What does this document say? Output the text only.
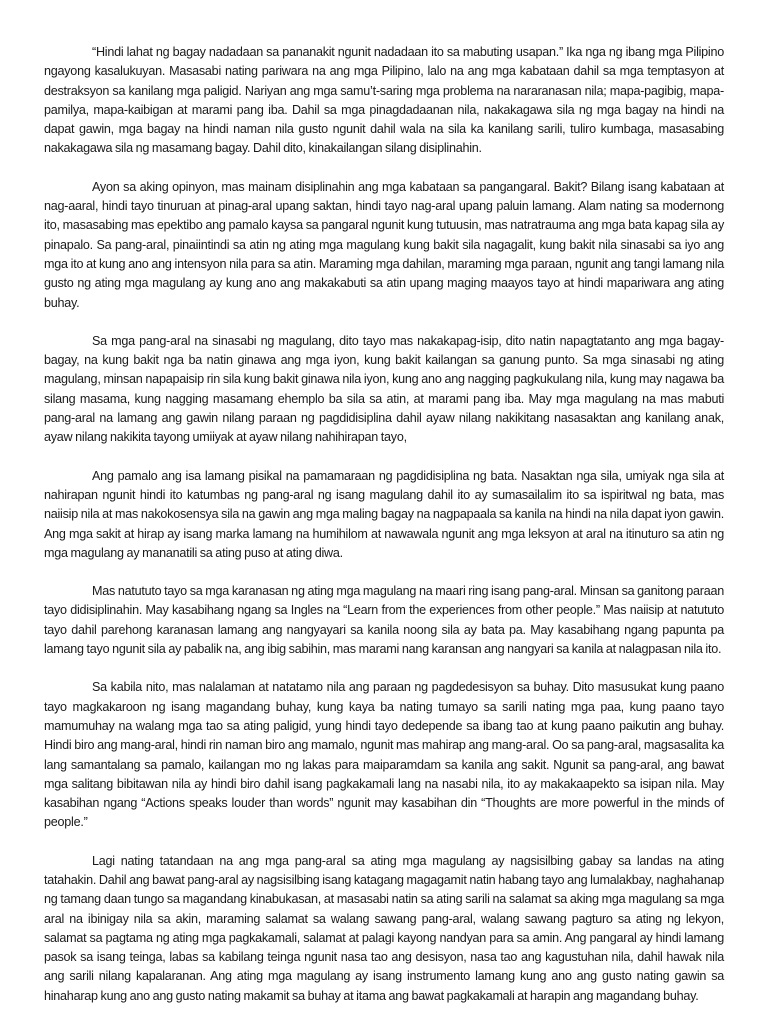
“Hindi lahat ng bagay nadadaan sa pananakit ngunit nadadaan ito sa mabuting usapan.” Ika nga ng ibang mga Pilipino ngayong kasalukuyan. Masasabi nating pariwara na ang mga Pilipino, lalo na ang mga kabataan dahil sa mga temptasyon at destraksyon sa kanilang mga paligid. Nariyan ang mga samu’t-saring mga problema na nararanasan nila; mapa-pagibig, mapa- pamilya, mapa-kaibigan at marami pang iba. Dahil sa mga pinagdadaanan nila, nakakagawa sila ng mga bagay na hindi na dapat gawin, mga bagay na hindi naman nila gusto ngunit dahil wala na sila ka kanilang sarili, tuliro kumbaga, masasabing nakakagawa sila ng masamang bagay. Dahil dito, kinakailangan silang disiplinahin.

Ayon sa aking opinyon, mas mainam disiplinahin ang mga kabataan sa pangangaral. Bakit? Bilang isang kabataan at nag-aaral, hindi tayo tinuruan at pinag-aral upang saktan, hindi tayo nag-aral upang paluin lamang. Alam nating sa modernong ito, masasabing mas epektibo ang pamalo kaysa sa pangaral ngunit kung tutuusin, mas natratrauma ang mga bata kapag sila ay pinapalo. Sa pang-aral, pinaiintindi sa atin ng ating mga magulang kung bakit sila nagagalit, kung bakit nila sinasabi sa iyo ang mga ito at kung ano ang intensyon nila para sa atin. Maraming mga dahilan, maraming mga paraan, ngunit ang tangi lamang nila gusto ng ating mga magulang ay kung ano ang makakabuti sa atin upang maging maayos tayo at hindi mapariwara ang ating buhay.

Sa mga pang-aral na sinasabi ng magulang, dito tayo mas nakakapag-isip, dito natin napagtatanto ang mga bagay-bagay, na kung bakit nga ba natin ginawa ang mga iyon, kung bakit kailangan sa ganung punto. Sa mga sinasabi ng ating magulang, minsan napapaisip rin sila kung bakit ginawa nila iyon, kung ano ang nagging pagkukulang nila, kung may nagawa ba silang masama, kung nagging masamang ehemplo ba sila sa atin, at marami pang iba. May mga magulang na mas mabuti pang-aral na lamang ang gawin nilang paraan ng pagdidisiplina dahil ayaw nilang nakikitang nasasaktan ang kanilang anak, ayaw nilang nakikita tayong umiiyak at ayaw nilang nahihirapan tayo,

Ang pamalo ang isa lamang pisikal na pamamaraan ng pagdidisiplina ng bata. Nasaktan nga sila, umiyak nga sila at nahirapan ngunit hindi ito katumbas ng pang-aral ng isang magulang dahil ito ay sumasailalim ito sa ispiritwal ng bata, mas naiisip nila at mas nakokosensya sila na gawin ang mga maling bagay na nagpapaala sa kanila na hindi na nila dapat iyon gawin. Ang mga sakit at hirap ay isang marka lamang na humihilom at nawawala ngunit ang mga leksyon at aral na itinuturo sa atin ng mga magulang ay mananatili sa ating puso at ating diwa.

Mas natututo tayo sa mga karanasan ng ating mga magulang na maari ring isang pang-aral. Minsan sa ganitong paraan tayo didisiplinahin. May kasabihang ngang sa Ingles na “Learn from the experiences from other people.” Mas naiisip at natututo tayo dahil parehong karanasan lamang ang nangyayari sa kanila noong sila ay bata pa. May kasabihang ngang papunta pa lamang tayo ngunit sila ay pabalik na, ang ibig sabihin, mas marami nang karansan ang nangyari sa kanila at nalagpasan nila ito.

Sa kabila nito, mas nalalaman at natatamo nila ang paraan ng pagdedesisyon sa buhay. Dito masusukat kung paano tayo magkakaroon ng isang magandang buhay, kung kaya ba nating tumayo sa sarili nating mga paa, kung paano tayo mamumuhay na walang mga tao sa ating paligid, yung hindi tayo dedepende sa ibang tao at kung paano paikutin ang buhay. Hindi biro ang mang-aral, hindi rin naman biro ang mamalo, ngunit mas mahirap ang mang-aral. Oo sa pang-aral, magsasalita ka lang samantalang sa pamalo, kailangan mo ng lakas para maiparamdam sa kanila ang sakit. Ngunit sa pang-aral, ang bawat mga salitang bibitawan nila ay hindi biro dahil isang pagkakamali lang na nasabi nila, ito ay makakaapekto sa isipan nila. May kasabihan ngang “Actions speaks louder than words” ngunit may kasabihan din “Thoughts are more powerful in the minds of people.”

Lagi nating tatandaan na ang mga pang-aral sa ating mga magulang ay nagsisilbing gabay sa landas na ating tatahakin. Dahil ang bawat pang-aral ay nagsisilbing isang katagang magagamit natin habang tayo ang lumalakbay, naghahanap ng tamang daan tungo sa magandang kinabukasan, at masasabi natin sa ating sarili na salamat sa aking mga magulang sa mga aral na ibinigay nila sa akin, maraming salamat sa walang sawang pang-aral, walang sawang pagturo sa ating ng lekyon, salamat sa pagtama ng ating mga pagkakamali, salamat at palagi kayong nandyan para sa amin. Ang pangaral ay hindi lamang pasok sa isang teinga, labas sa kabilang teinga ngunit nasa tao ang desisyon, nasa tao ang kagustuhan nila, dahil hawak nila ang sarili nilang kapalaranan. Ang ating mga magulang ay isang instrumento lamang kung ano ang gusto nating gawin sa hinaharap kung ano ang gusto nating makamit sa buhay at itama ang bawat pagkakamali at harapin ang magandang buhay.
